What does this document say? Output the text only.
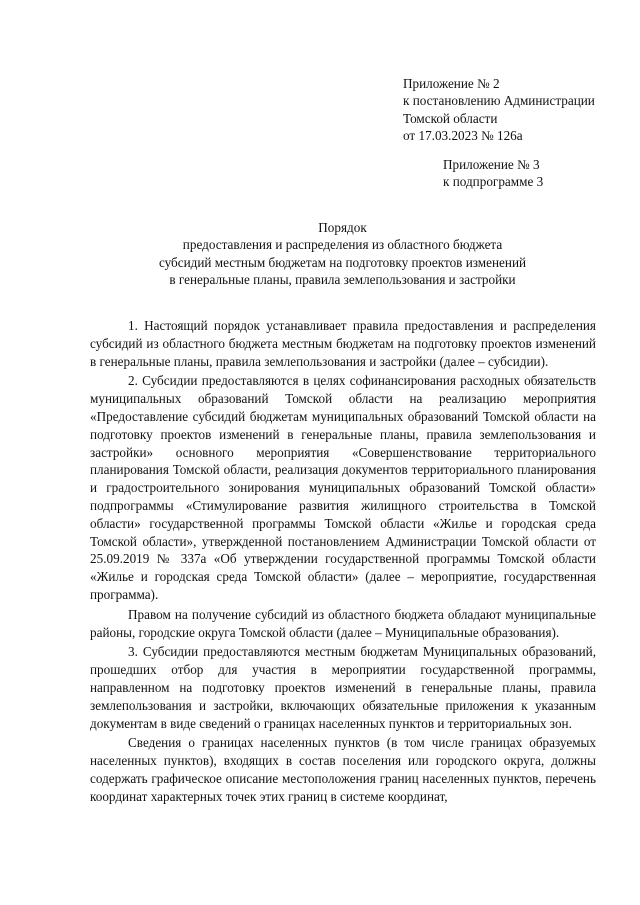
Приложение № 2
к постановлению Администрации
Томской области
от 17.03.2023 № 126а
Приложение № 3
к подпрограмме 3
Порядок
предоставления и распределения из областного бюджета
субсидий местным бюджетам на подготовку проектов изменений
в генеральные планы, правила землепользования и застройки

1. Настоящий порядок устанавливает правила предоставления и распределения субсидий из областного бюджета местным бюджетам на подготовку проектов изменений в генеральные планы, правила землепользования и застройки (далее – субсидии).

2. Субсидии предоставляются в целях софинансирования расходных обязательств муниципальных образований Томской области на реализацию мероприятия «Предоставление субсидий бюджетам муниципальных образований Томской области на подготовку проектов изменений в генеральные планы, правила землепользования и застройки» основного мероприятия «Совершенствование территориального планирования Томской области, реализация документов территориального планирования и градостроительного зонирования муниципальных образований Томской области» подпрограммы «Стимулирование развития жилищного строительства в Томской области» государственной программы Томской области «Жилье и городская среда Томской области», утвержденной постановлением Администрации Томской области от 25.09.2019 № 337а «Об утверждении государственной программы Томской области «Жилье и городская среда Томской области» (далее – мероприятие, государственная программа).

Правом на получение субсидий из областного бюджета обладают муниципальные районы, городские округа Томской области (далее – Муниципальные образования).

3. Субсидии предоставляются местным бюджетам Муниципальных образований, прошедших отбор для участия в мероприятии государственной программы, направленном на подготовку проектов изменений в генеральные планы, правила землепользования и застройки, включающих обязательные приложения к указанным документам в виде сведений о границах населенных пунктов и территориальных зон.

Сведения о границах населенных пунктов (в том числе границах образуемых населенных пунктов), входящих в состав поселения или городского округа, должны содержать графическое описание местоположения границ населенных пунктов, перечень координат характерных точек этих границ в системе координат,
